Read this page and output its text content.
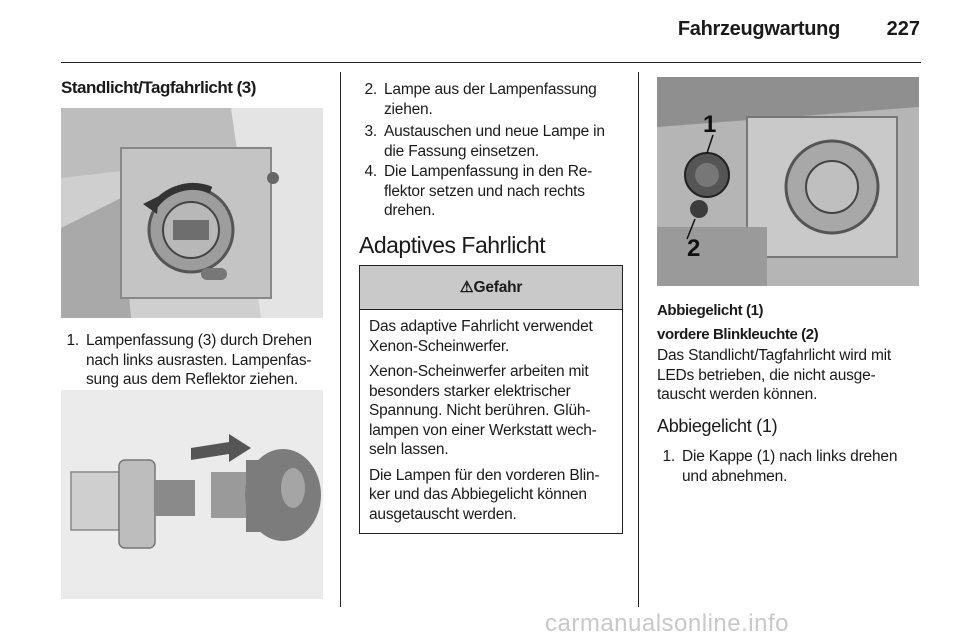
Fahrzeugwartung 227
Standlicht/Tagfahrlicht (3)
1. Lampenfassung (3) durch Drehen nach links ausrasten. Lampenfas-sung aus dem Reflektor ziehen.
2. Lampe aus der Lampenfassung ziehen.
3. Austauschen und neue Lampe in die Fassung einsetzen.
4. Die Lampenfassung in den Re-flektor setzen und nach rechts drehen.
Adaptives Fahrlicht
⚠ Gefahr

Das adaptive Fahrlicht verwendet Xenon-Scheinwerfer.

Xenon-Scheinwerfer arbeiten mit besonders starker elektrischer Spannung. Nicht berühren. Glüh-lampen von einer Werkstatt wech-seln lassen.

Die Lampen für den vorderen Blin-ker und das Abbiegelicht können ausgetauscht werden.

1
2
Abbiegelicht (1)
vordere Blinkleuchte (2)
Das Standlicht/Tagfahrlicht wird mit LEDs betrieben, die nicht ausge-tauscht werden können.
Abbiegelicht (1)
1. Die Kappe (1) nach links drehen und abnehmen.
carmanualsonline.info
